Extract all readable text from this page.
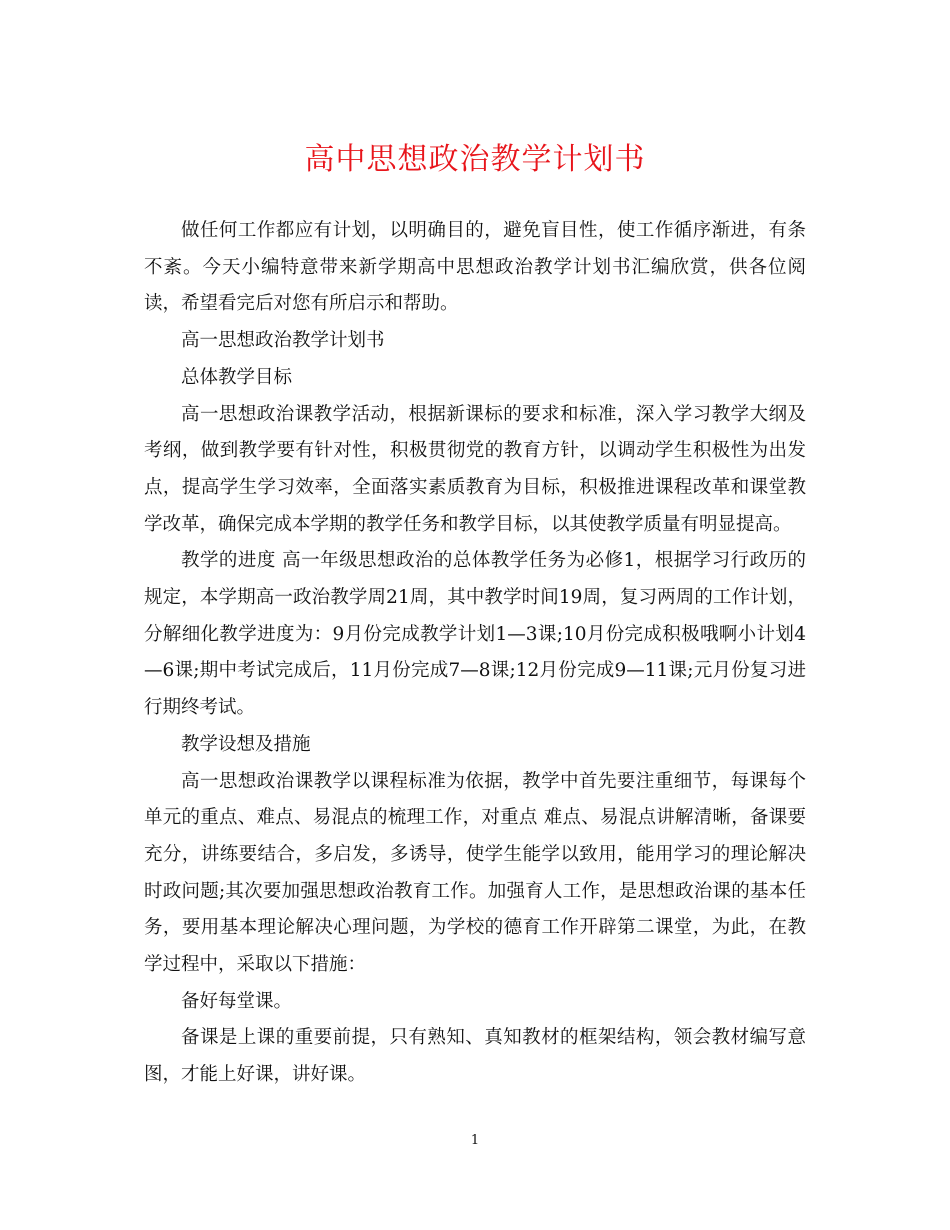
高中思想政治教学计划书

做任何工作都应有计划，以明确目的，避免盲目性，使工作循序渐进，有条不紊。今天小编特意带来新学期高中思想政治教学计划书汇编欣赏，供各位阅读，希望看完后对您有所启示和帮助。

高一思想政治教学计划书

总体教学目标

高一思想政治课教学活动，根据新课标的要求和标准，深入学习教学大纲及考纲，做到教学要有针对性，积极贯彻党的教育方针，以调动学生积极性为出发点，提高学生学习效率，全面落实素质教育为目标，积极推进课程改革和课堂教学改革，确保完成本学期的教学任务和教学目标，以其使教学质量有明显提高。

教学的进度 高一年级思想政治的总体教学任务为必修1，根据学习行政历的规定，本学期高一政治教学周21周，其中教学时间19周，复习两周的工作计划，分解细化教学进度为：9月份完成教学计划1—3课;10月份完成积极哦啊小计划4—6课;期中考试完成后，11月份完成7—8课;12月份完成9—11课;元月份复习进行期终考试。

教学设想及措施

高一思想政治课教学以课程标准为依据，教学中首先要注重细节，每课每个单元的重点、难点、易混点的梳理工作，对重点 难点、易混点讲解清晰，备课要充分，讲练要结合，多启发，多诱导，使学生能学以致用，能用学习的理论解决时政问题;其次要加强思想政治教育工作。加强育人工作，是思想政治课的基本任务，要用基本理论解决心理问题，为学校的德育工作开辟第二课堂，为此，在教学过程中，采取以下措施：

备好每堂课。

备课是上课的重要前提，只有熟知、真知教材的框架结构，领会教材编写意图，才能上好课，讲好课。

1
